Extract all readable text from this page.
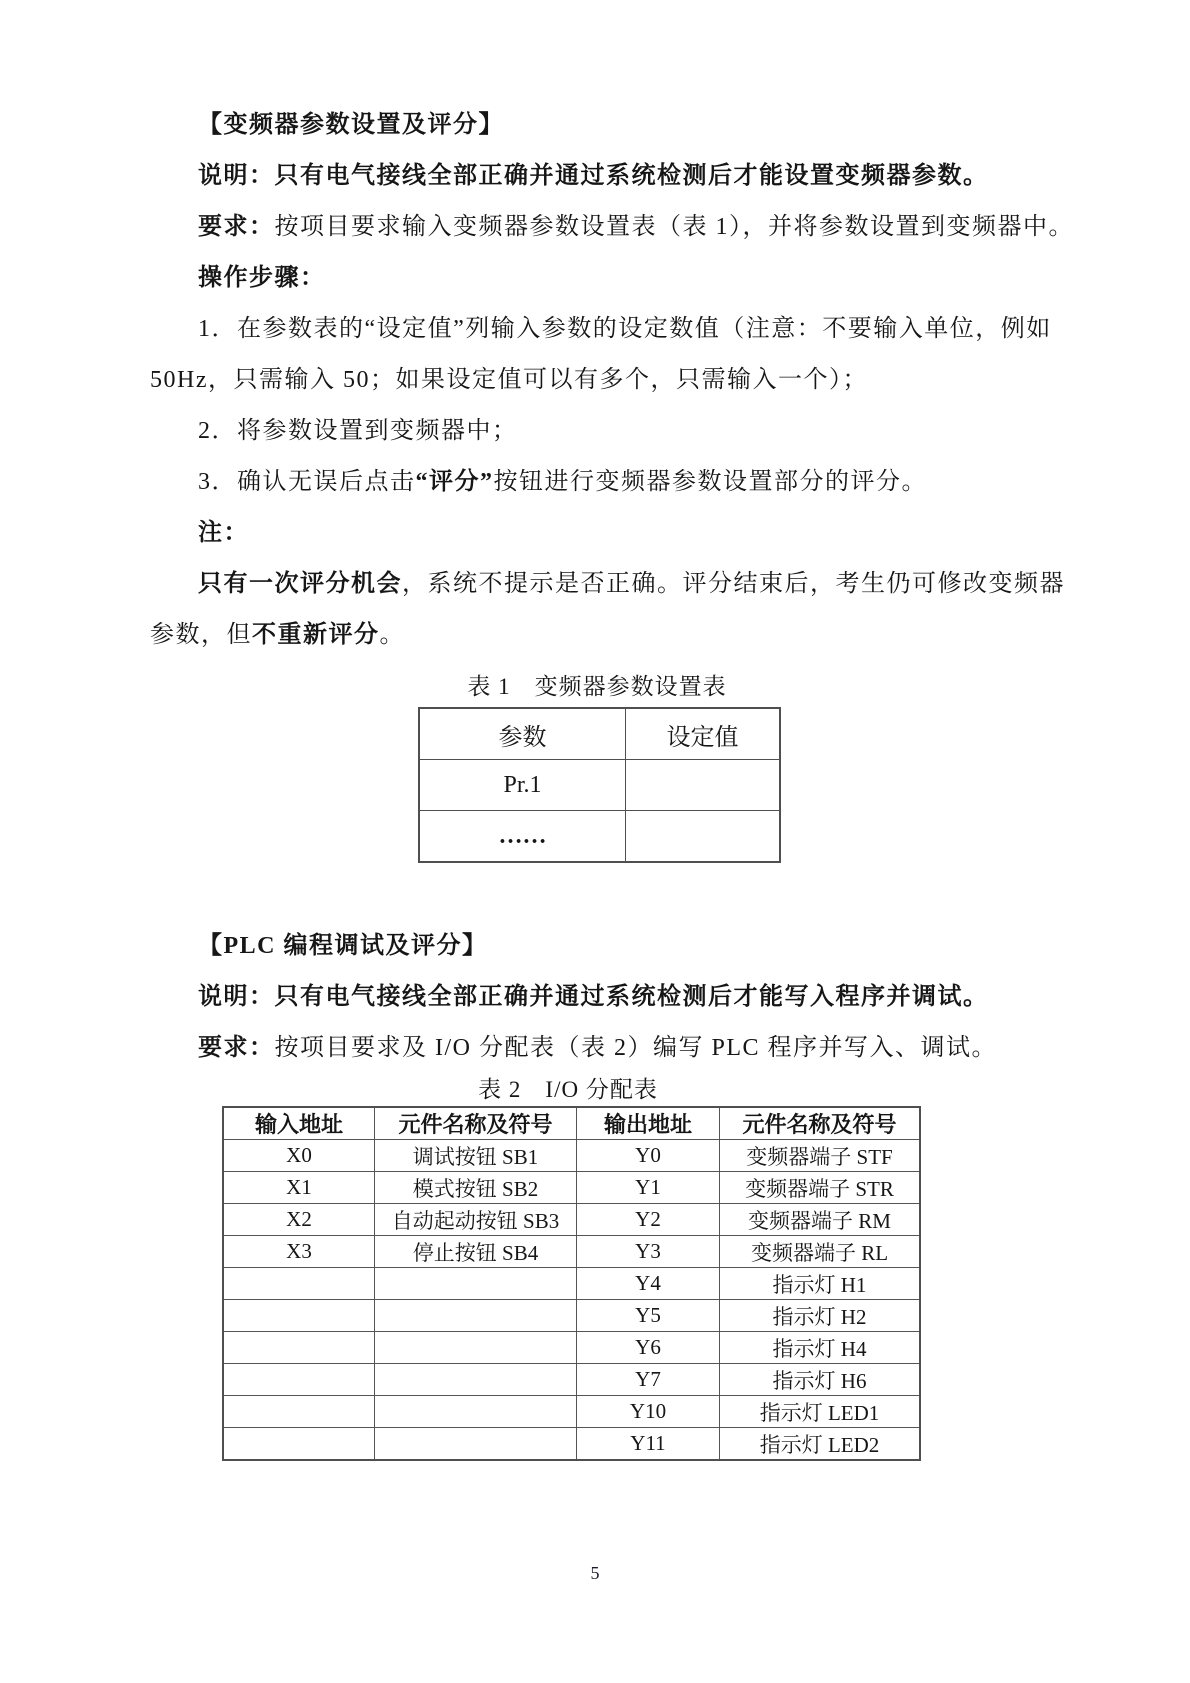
【变频器参数设置及评分】
说明：只有电气接线全部正确并通过系统检测后才能设置变频器参数。
要求：按项目要求输入变频器参数设置表（表 1），并将参数设置到变频器中。
操作步骤：
1．在参数表的“设定值”列输入参数的设定数值（注意：不要输入单位，例如
50Hz，只需输入 50；如果设定值可以有多个，只需输入一个）；
2．将参数设置到变频器中；
3．确认无误后点击“评分”按钮进行变频器参数设置部分的评分。
注：
只有一次评分机会，系统不提示是否正确。评分结束后，考生仍可修改变频器
参数，但不重新评分。
表 1　变频器参数设置表
参数	设定值
Pr.1	
……	
【PLC 编程调试及评分】
说明：只有电气接线全部正确并通过系统检测后才能写入程序并调试。
要求：按项目要求及 I/O 分配表（表 2）编写 PLC 程序并写入、调试。
表 2　I/O 分配表
输入地址	元件名称及符号	输出地址	元件名称及符号
X0	调试按钮 SB1	Y0	变频器端子 STF
X1	模式按钮 SB2	Y1	变频器端子 STR
X2	自动起动按钮 SB3	Y2	变频器端子 RM
X3	停止按钮 SB4	Y3	变频器端子 RL
		Y4	指示灯 H1
		Y5	指示灯 H2
		Y6	指示灯 H4
		Y7	指示灯 H6
		Y10	指示灯 LED1
		Y11	指示灯 LED2
5
